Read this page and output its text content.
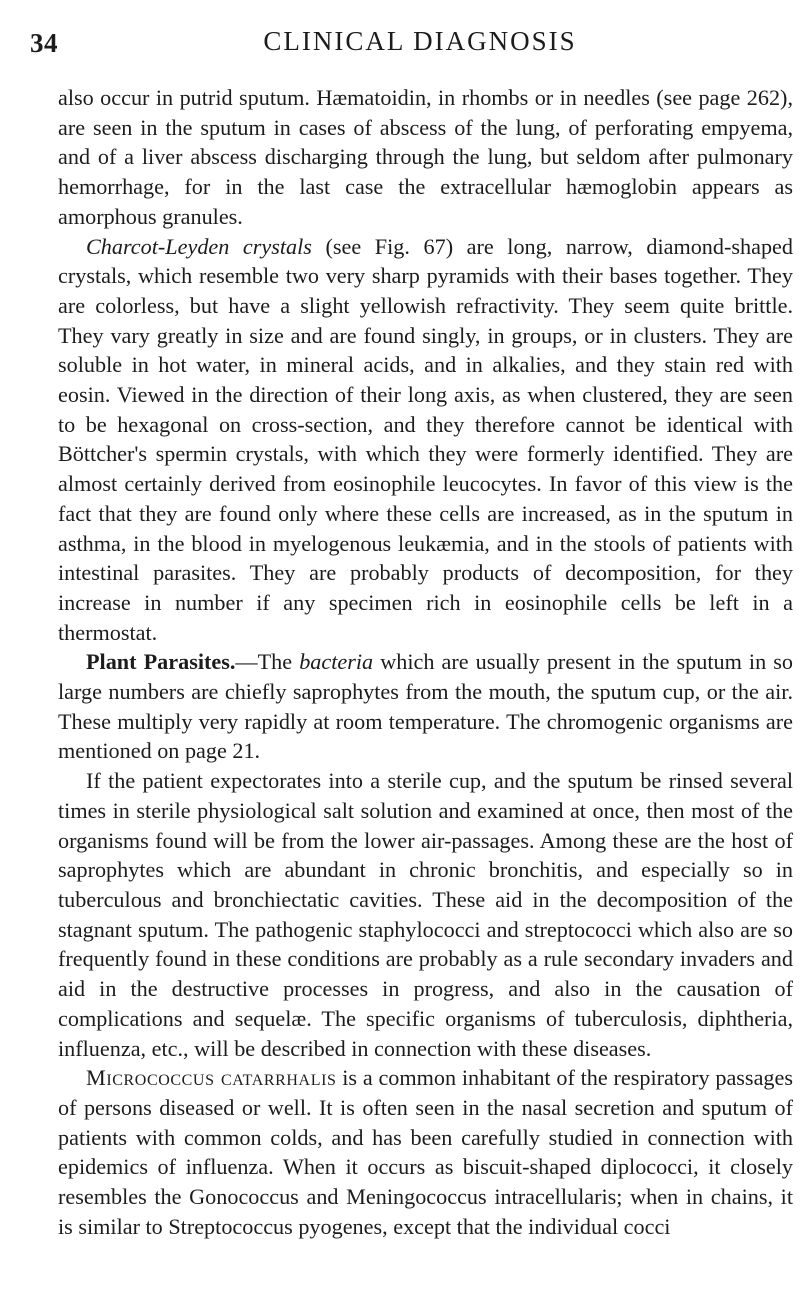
34	CLINICAL DIAGNOSIS

also occur in putrid sputum. Hæmatoidin, in rhombs or in needles (see page 262), are seen in the sputum in cases of abscess of the lung, of perforating empyema, and of a liver abscess discharging through the lung, but seldom after pulmonary hemorrhage, for in the last case the extracellular hæmoglobin appears as amorphous granules.

Charcot-Leyden crystals (see Fig. 67) are long, narrow, diamond-shaped crystals, which resemble two very sharp pyramids with their bases together. They are colorless, but have a slight yellowish refractivity. They seem quite brittle. They vary greatly in size and are found singly, in groups, or in clusters. They are soluble in hot water, in mineral acids, and in alkalies, and they stain red with eosin. Viewed in the direction of their long axis, as when clustered, they are seen to be hexagonal on cross-section, and they therefore cannot be identical with Böttcher's spermin crystals, with which they were formerly identified. They are almost certainly derived from eosinophile leucocytes. In favor of this view is the fact that they are found only where these cells are increased, as in the sputum in asthma, in the blood in myelogenous leukæmia, and in the stools of patients with intestinal parasites. They are probably products of decomposition, for they increase in number if any specimen rich in eosinophile cells be left in a thermostat.

Plant Parasites.—The bacteria which are usually present in the sputum in so large numbers are chiefly saprophytes from the mouth, the sputum cup, or the air. These multiply very rapidly at room temperature. The chromogenic organisms are mentioned on page 21.

If the patient expectorates into a sterile cup, and the sputum be rinsed several times in sterile physiological salt solution and examined at once, then most of the organisms found will be from the lower air-passages. Among these are the host of saprophytes which are abundant in chronic bronchitis, and especially so in tuberculous and bronchiectatic cavities. These aid in the decomposition of the stagnant sputum. The pathogenic staphylococci and streptococci which also are so frequently found in these conditions are probably as a rule secondary invaders and aid in the destructive processes in progress, and also in the causation of complications and sequelæ. The specific organisms of tuberculosis, diphtheria, influenza, etc., will be described in connection with these diseases.

Micrococcus catarrhalis is a common inhabitant of the respiratory passages of persons diseased or well. It is often seen in the nasal secretion and sputum of patients with common colds, and has been carefully studied in connection with epidemics of influenza. When it occurs as biscuit-shaped diplococci, it closely resembles the Gonococcus and Meningococcus intracellularis; when in chains, it is similar to Streptococcus pyogenes, except that the individual cocci
